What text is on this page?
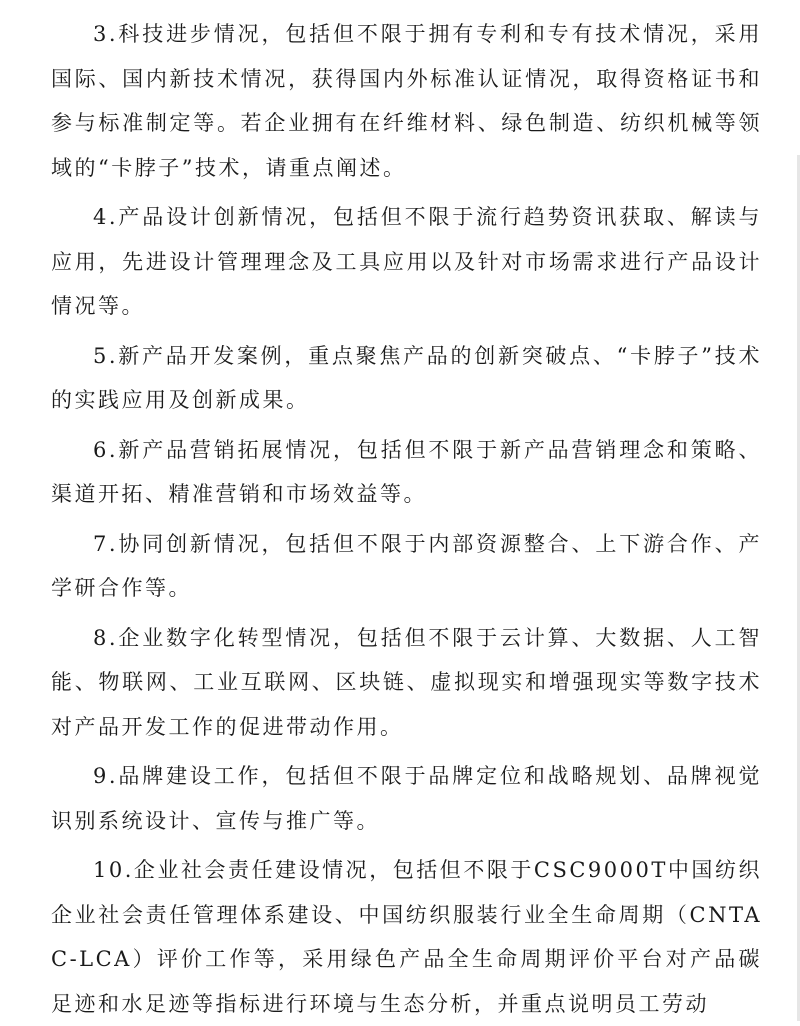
3.科技进步情况，包括但不限于拥有专利和专有技术情况，采用国际、国内新技术情况，获得国内外标准认证情况，取得资格证书和参与标准制定等。若企业拥有在纤维材料、绿色制造、纺织机械等领域的“卡脖子”技术，请重点阐述。

4.产品设计创新情况，包括但不限于流行趋势资讯获取、解读与应用，先进设计管理理念及工具应用以及针对市场需求进行产品设计情况等。

5.新产品开发案例，重点聚焦产品的创新突破点、“卡脖子”技术的实践应用及创新成果。

6.新产品营销拓展情况，包括但不限于新产品营销理念和策略、渠道开拓、精准营销和市场效益等。

7.协同创新情况，包括但不限于内部资源整合、上下游合作、产学研合作等。

8.企业数字化转型情况，包括但不限于云计算、大数据、人工智能、物联网、工业互联网、区块链、虚拟现实和增强现实等数字技术对产品开发工作的促进带动作用。

9.品牌建设工作，包括但不限于品牌定位和战略规划、品牌视觉识别系统设计、宣传与推广等。

10.企业社会责任建设情况，包括但不限于CSC9000T中国纺织企业社会责任管理体系建设、中国纺织服装行业全生命周期（CNTAC-LCA）评价工作等，采用绿色产品全生命周期评价平台对产品碳足迹和水足迹等指标进行环境与生态分析，并重点说明员工劳动
